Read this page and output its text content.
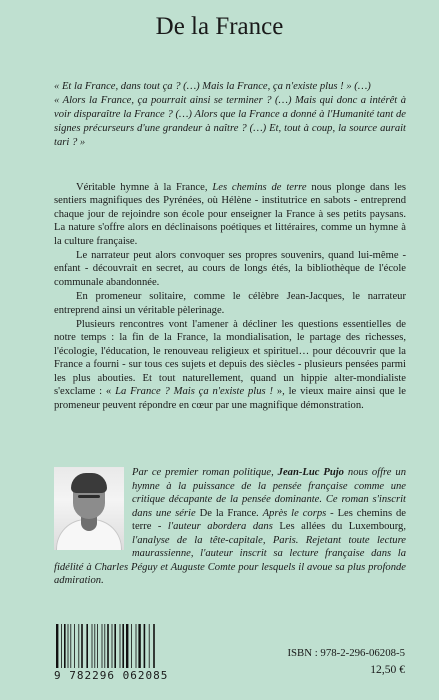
De la France

« Et la France, dans tout ça ? (…) Mais la France, ça n'existe plus ! » (…)

« Alors la France, ça pourrait ainsi se terminer ? (…) Mais qui donc a intérêt à voir disparaître la France ? (…) Alors que la France a donné à l'Humanité tant de signes précurseurs d'une grandeur à naître ? (…) Et, tout à coup, la source aurait tari ? »

Véritable hymne à la France, Les chemins de terre nous plonge dans les sentiers magnifiques des Pyrénées, où Hélène - institutrice en sabots - entreprend chaque jour de rejoindre son école pour enseigner la France à ses petits paysans. La nature s'offre alors en déclinaisons poétiques et littéraires, comme un hymne à la culture française.

Le narrateur peut alors convoquer ses propres souvenirs, quand lui-même - enfant - découvrait en secret, au cours de longs étés, la bibliothèque de l'école communale abandonnée.

En promeneur solitaire, comme le célèbre Jean-Jacques, le narrateur entreprend ainsi un véritable pèlerinage.

Plusieurs rencontres vont l'amener à décliner les questions essentielles de notre temps : la fin de la France, la mondialisation, le partage des richesses, l'écologie, l'éducation, le renouveau religieux et spirituel… pour découvrir que la France a fourni - sur tous ces sujets et depuis des siècles - plusieurs pensées parmi les plus abouties. Et tout naturellement, quand un hippie alter-mondialiste s'exclame : « La France ? Mais ça n'existe plus ! », le vieux maire ainsi que le promeneur peuvent répondre en cœur par une magnifique démonstration.

Par ce premier roman politique, Jean-Luc Pujo nous offre un hymne à la puissance de la pensée française comme une critique décapante de la pensée dominante. Ce roman s'inscrit dans une série De la France. Après le corps - Les chemins de terre - l'auteur abordera dans Les allées du Luxembourg, l'analyse de la tête-capitale, Paris. Rejetant toute lecture maurassienne, l'auteur inscrit sa lecture française dans la fidélité à Charles Péguy et Auguste Comte pour lesquels il avoue sa plus profonde admiration.
9 782296 062085
ISBN : 978-2-296-06208-5
12,50 €
